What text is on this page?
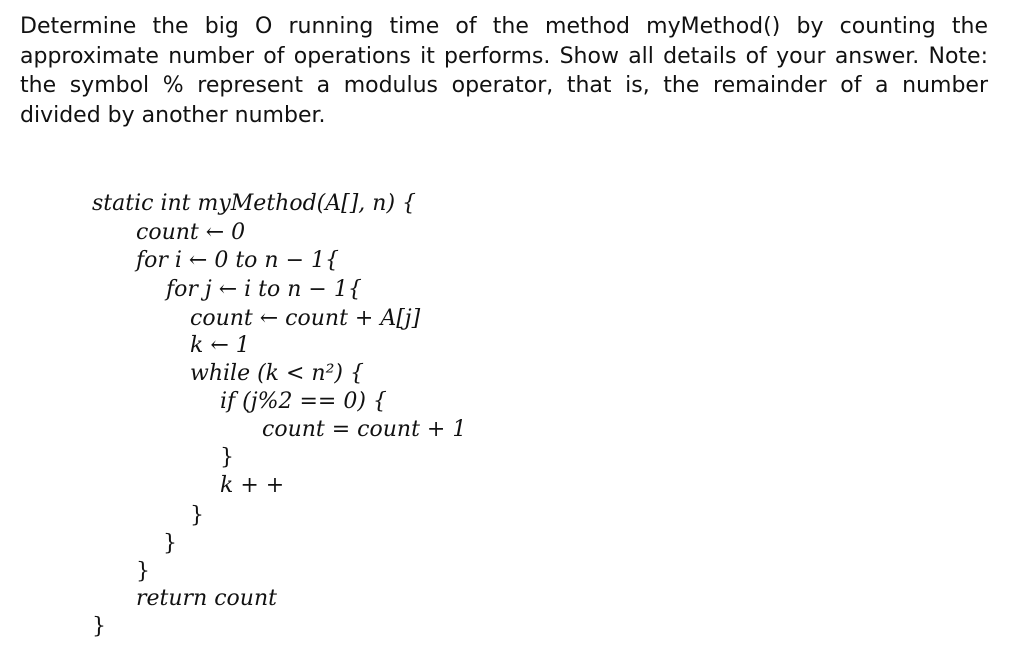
Determine the big O running time of the method myMethod() by counting the approximate number of operations it performs. Show all details of your answer. Note: the symbol % represent a modulus operator, that is, the remainder of a number divided by another number.

static int myMethod(A[], n) {
count ← 0
for i ← 0 to n − 1{
for j ← i to n − 1{
count ← count + A[j]
k ← 1
while (k < n²) {
if (j%2 == 0) {
count = count + 1
}
k + +
}
}
}
return count
}
